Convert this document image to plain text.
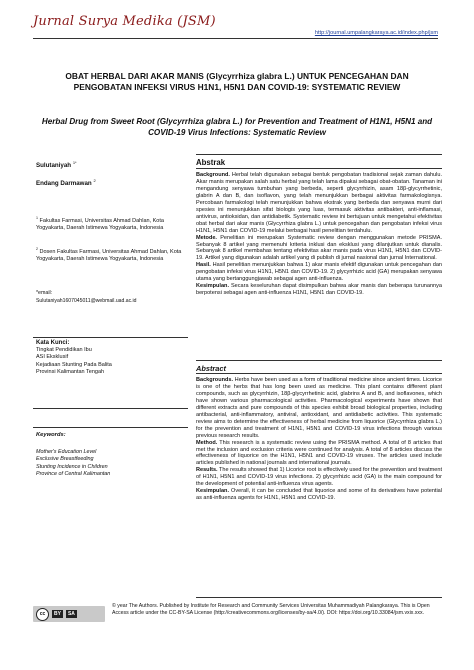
Jurnal Surya Medika (JSM)
http://journal.umpalangkaraya.ac.id/index.php/jsm
OBAT HERBAL DARI AKAR MANIS (Glycyrrhiza glabra L.) UNTUK PENCEGAHAN DAN PENGOBATAN INFEKSI VIRUS H1N1, H5N1 DAN COVID-19: SYSTEMATIC REVIEW
Herbal Drug from Sweet Root (Glycyrrhiza glabra L.) for Prevention and Treatment of H1N1, H5N1 and COVID-19 Virus Infections: Systematic Review
Sulutaniyah $^{1*}$
Endang Darmawan $^2$
$^1$ Fakultas Farmasi, Universitas Ahmad Dahlan, Kota Yogyakarta, Daerah Istimewa Yogyakarta, Indonesia
$^2$ Dosen Fakultas Farmasi, Universitas Ahmad Dahlan, Kota Yogyakarta, Daerah Istimewa Yogyakarta, Indonesia
*email:
Sulutaniyah1607045011@webmail.uad.ac.id
Kata Kunci:
Tingkat Pendidikan Ibu
ASI Eksklusif
Kejadiaan Stunting Pada Balita
Provinsi Kalimantan Tengah
Keywords:
Mother's Education Level
Exclusive Breastfeeding
Stunting Incidence in Children
Province of Central Kalimantan
Abstrak

Background. Herbal telah digunakan sebagai bentuk pengobatan tradisional sejak zaman dahulu. Akar manis merupakan salah satu herbal yang telah lama dipakai sebagai obat-obatan. Tanaman ini mengandung senyawa tumbuhan yang berbeda, seperti glycyrrhizin, asam 18β-glycyrrhetinic, glabrin A dan B, dan isoflavon, yang telah menunjukkan berbagai aktivitas farmakologisnya. Percobaan farmakologi telah menunjukkan bahwa ekstrak yang berbeda dan senyawa murni dari spesies ini menunjukkan sifat biologis yang luas, termasuk aktivitas antibakteri, anti-inflamasi, antivirus, antioksidan, dan antidiabetik. Systematic review ini bertujuan untuk mengetahui efektivitas obat herbal dari akar manis (Glycyrrhiza glabra L.) untuk pencegahan dan pengobatan infeksi virus H1N1, H5N1 dan COVID-19 melalui berbagai hasil penelitian terdahulu.

Metode. Penelitian ini merupakan Systematic review dengan menggunakan metode PRISMA. Sebanyak 8 artikel yang memenuhi kriteria inklusi dan eksklusi yang dilanjutkan untuk dianalis. Sebanyak 8 artikel membahas tentang efektivitas akar manis pada virus H1N1, H5N1 dan COVID-19. Artikel yang digunakan adalah artikel yang di publish di jurnal nasional dan jurnal International.

Hasil. Hasil penelitian menunjukkan bahwa 1) akar manis efektif digunakan untuk pencegahan dan pengobatan infeksi virus H1N1, H5N1 dan COVID-19. 2) glycyrrhizic acid (GA) merupakan senyawa utama yang bertanggungjawab sebagai agen anti-influenza.

Kesimpulan. Secara keseluruhan dapat disimpulkan bahwa akar manis dan beberapa turunannya berpotensi sebagai agen anti-influenza H1N1, H5N1 dan COVID-19.

Abstract

Backgrounds. Herbs have been used as a form of traditional medicine since ancient times. Licorice is one of the herbs that has long been used as medicine. This plant contains different plant compounds, such as glycyrrhizin, 18β-glycyrrhetinic acid, glabrins A and B, and isoflavones, which have shown various pharmacological activities. Pharmacological experiments have shown that different extracts and pure compounds of this species exhibit broad biological properties, including antibacterial, anti-inflammatory, antiviral, antioxidant, and antidiabetic activities. This systematic review aims to determine the effectiveness of herbal medicine from liquorice (Glycyrrhiza glabra L.) for the prevention and treatment of H1N1, H5N1 and COVID-19 virus infections through various previous research results.

Method. This research is a systematic review using the PRISMA method. A total of 8 articles that met the inclusion and exclusion criteria were continued for analysis. A total of 8 articles discuss the effectiveness of liquorice on the H1N1, H5N1 and COVID-19 viruses. The articles used include articles published in national journals and international journals.

Results. The results showed that 1) Licorice root is effectively used for the prevention and treatment of H1N1, H5N1 and COVID-19 virus infections. 2) glycyrrhizic acid (GA) is the main compound for the development of potential anti-influenza virus agents.

Kesimpulan. Overall, it can be concluded that liquorice and some of its derivatives have potential as anti-influenza agents for H1N1, H5N1 and COVID-19.

cc	BY	SA
© year The Authors. Published by Institute for Research and Community Services Universitas Muhammadiyah Palangkaraya. This is Open Access article under the CC-BY-SA License (http://creativecommons.org/licenses/by-sa/4.0/). DOI: https://doi.org/10.33084/jsm.vxix.xxx.
